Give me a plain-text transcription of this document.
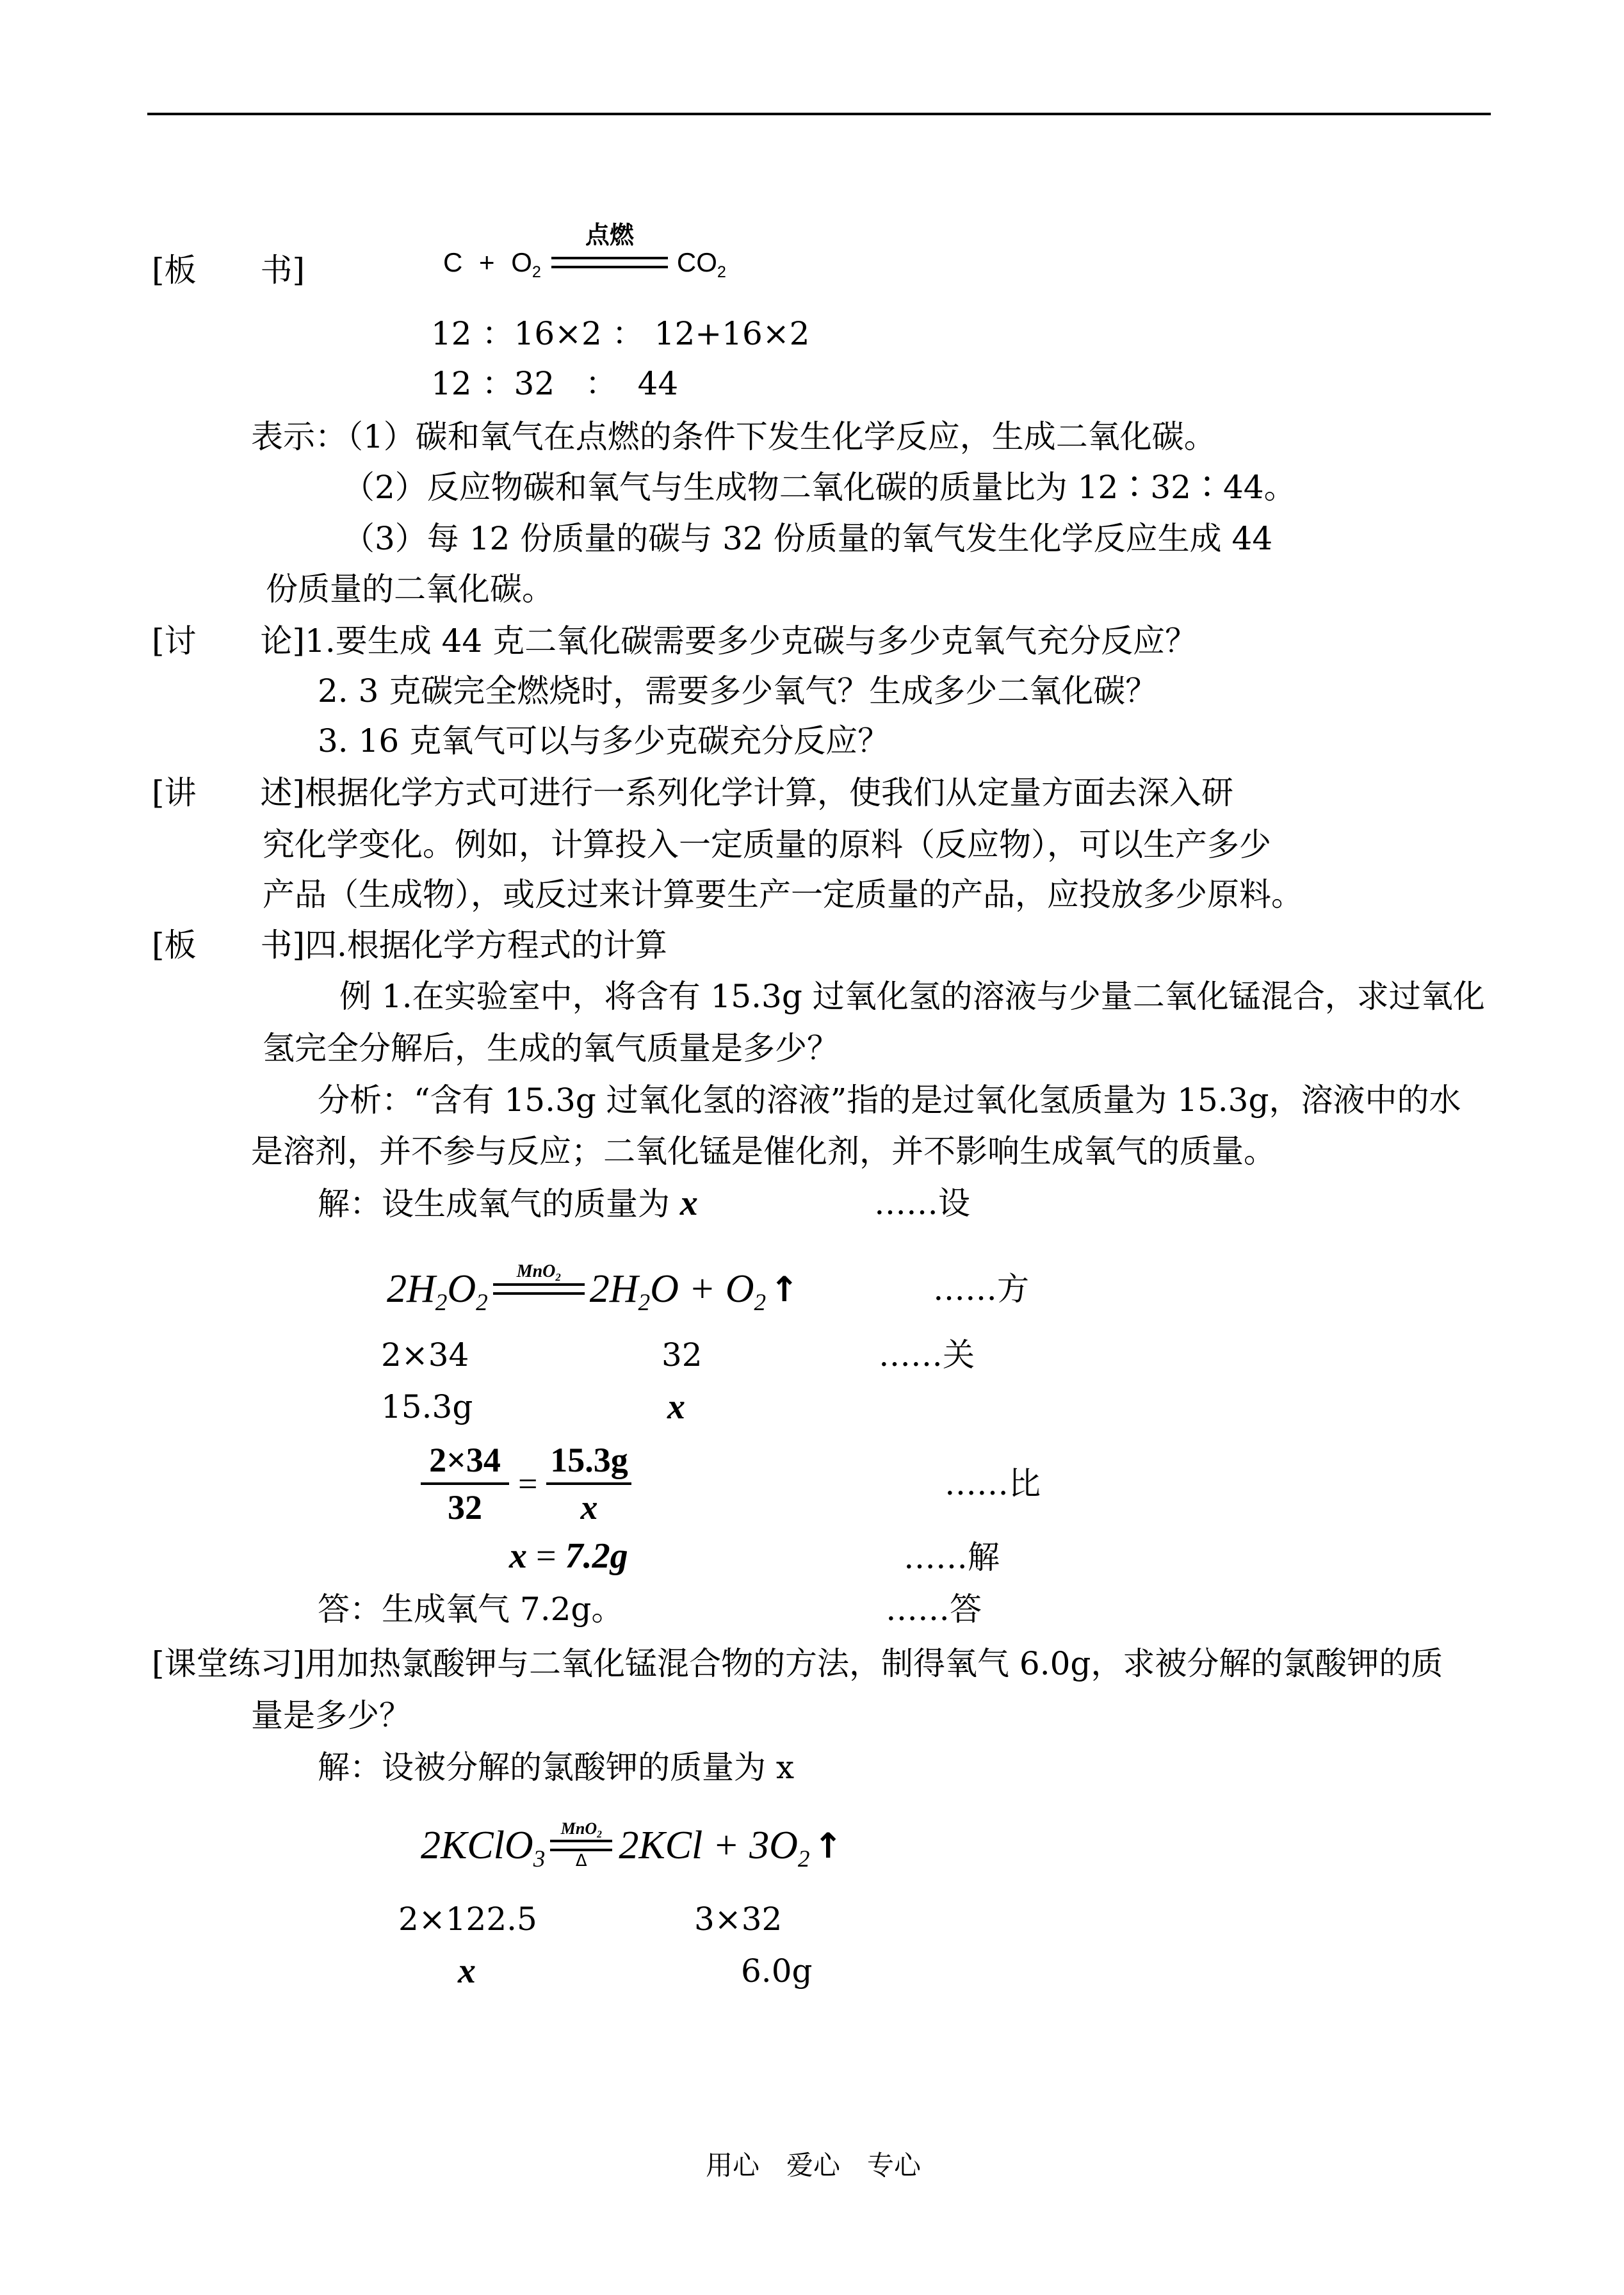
[板　　书]	$C + O_2$

点燃

$CO_2$
12 ：16×2 ： 12+16×2
12 ：32   ：  44
表示：（1）碳和氧气在点燃的条件下发生化学反应，生成二氧化碳。
（2）反应物碳和氧气与生成物二氧化碳的质量比为 12∶32∶44。
（3）每 12 份质量的碳与 32 份质量的氧气发生化学反应生成 44
份质量的二氧化碳。
[讨　　论]1.要生成 44 克二氧化碳需要多少克碳与多少克氧气充分反应？
2. 3 克碳完全燃烧时，需要多少氧气？生成多少二氧化碳？
3. 16 克氧气可以与多少克碳充分反应？
[讲　　述]根据化学方式可进行一系列化学计算，使我们从定量方面去深入研
究化学变化。例如，计算投入一定质量的原料（反应物），可以生产多少
产品（生成物），或反过来计算要生产一定质量的产品，应投放多少原料。
[板　　书]四.根据化学方程式的计算
例 1.在实验室中，将含有 15.3g 过氧化氢的溶液与少量二氧化锰混合，求过氧化
氢完全分解后，生成的氧气质量是多少？
分析：“含有 15.3g 过氧化氢的溶液”指的是过氧化氢质量为 15.3g，溶液中的水
是溶剂，并不参与反应；二氧化锰是催化剂，并不影响生成氧气的质量。
解：设生成氧气的质量为 x	……设
$2H_2O_2$

MnO$_2$

$2H_2O + O_2$ ↑	……方
2×34	32	……关
15.3g	x
$\frac{2\times 34}{32} = \frac{15.3g}{x}$	……比
x = 7.2g	……解
答：生成氧气 7.2g。	……答
[课堂练习]用加热氯酸钾与二氧化锰混合物的方法，制得氧气 6.0g，求被分解的氯酸钾的质
量是多少？
解：设被分解的氯酸钾的质量为 x
2KClO$_3$

MnO$_2$

Δ

$2KCl + 3O_2$ ↑
2×122.5	3×32
x	6.0g
用心　爱心　专心
